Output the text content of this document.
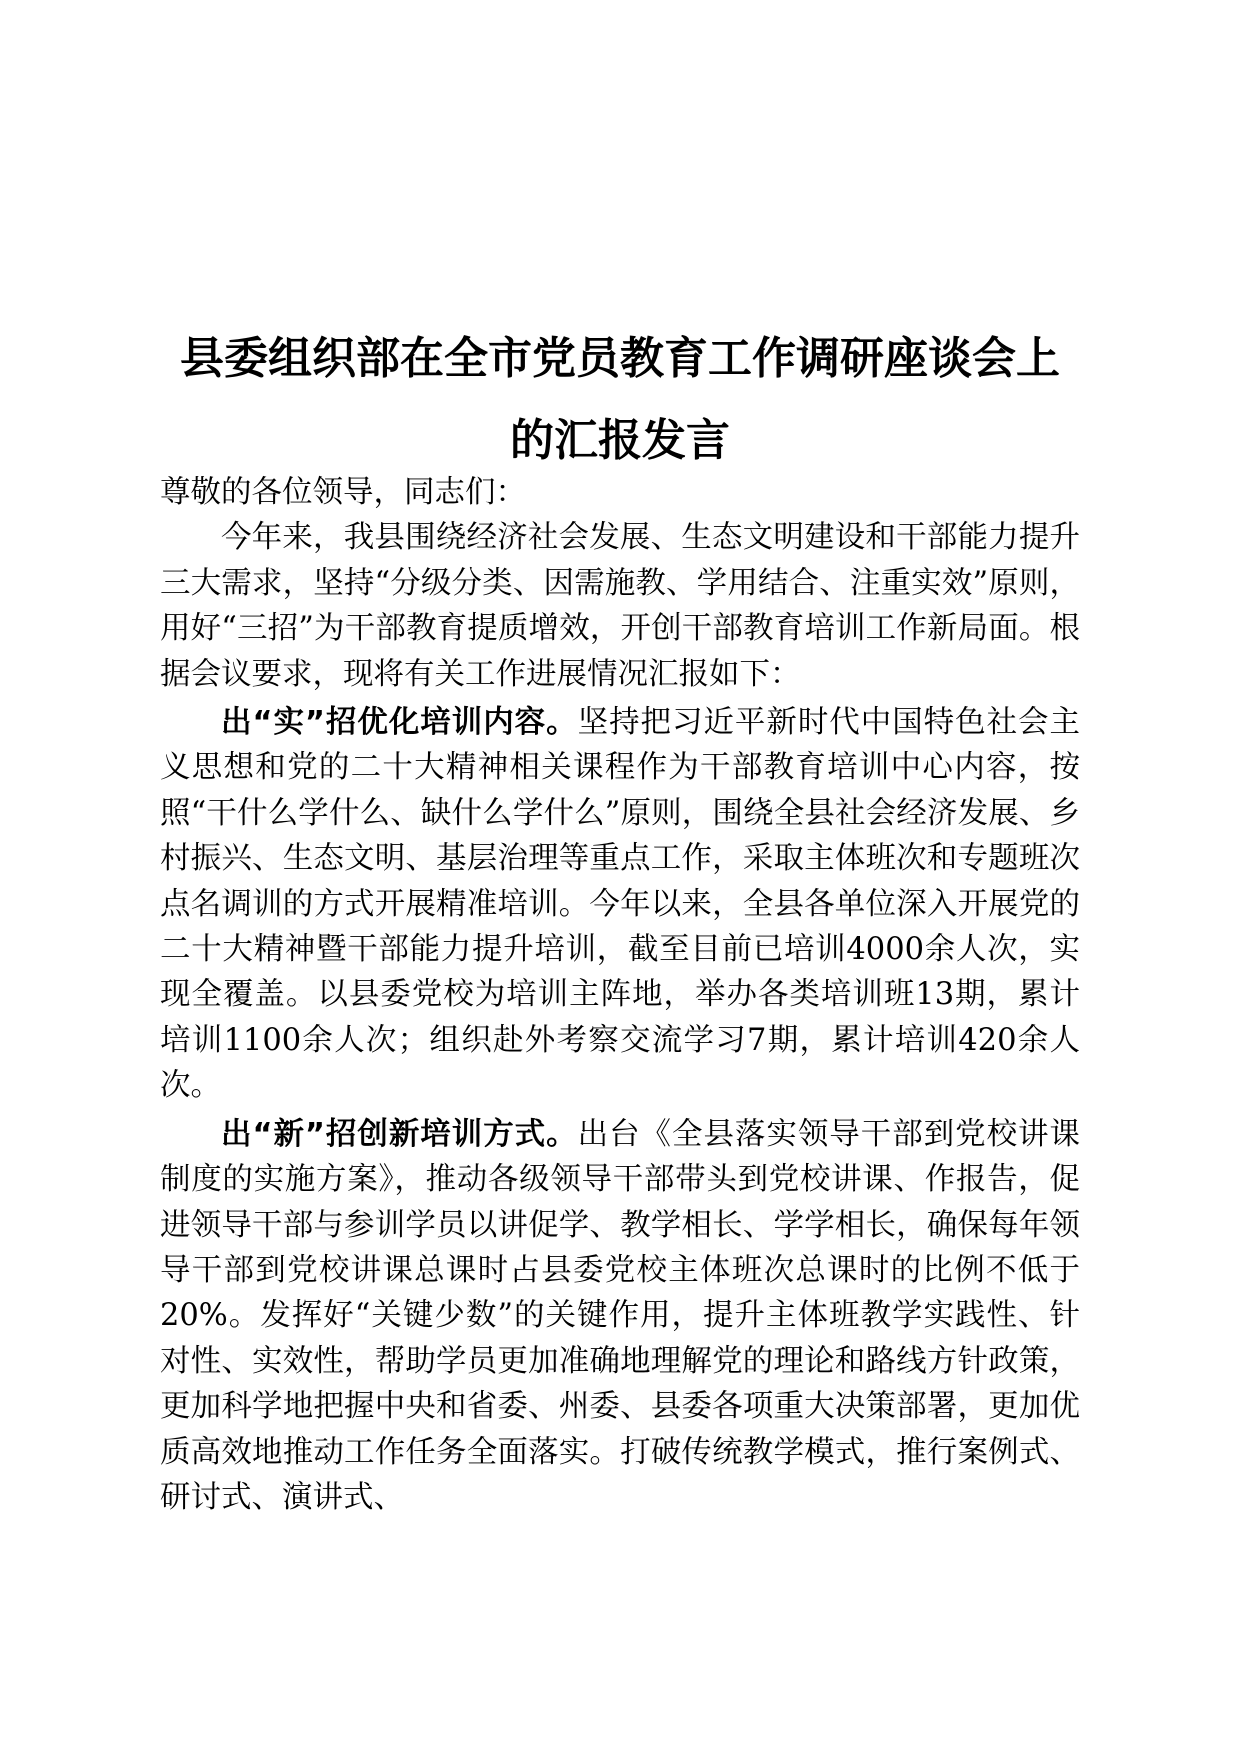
县委组织部在全市党员教育工作调研座谈会上
的汇报发言

尊敬的各位领导，同志们：

今年来，我县围绕经济社会发展、生态文明建设和干部能力提升三大需求，坚持“分级分类、因需施教、学用结合、注重实效”原则，用好“三招”为干部教育提质增效，开创干部教育培训工作新局面。根据会议要求，现将有关工作进展情况汇报如下：

出“实”招优化培训内容。坚持把习近平新时代中国特色社会主义思想和党的二十大精神相关课程作为干部教育培训中心内容，按照“干什么学什么、缺什么学什么”原则，围绕全县社会经济发展、乡村振兴、生态文明、基层治理等重点工作，采取主体班次和专题班次点名调训的方式开展精准培训。今年以来，全县各单位深入开展党的二十大精神暨干部能力提升培训，截至目前已培训4000余人次，实现全覆盖。以县委党校为培训主阵地，举办各类培训班13期，累计培训1100余人次；组织赴外考察交流学习7期，累计培训420余人次。

出“新”招创新培训方式。出台《全县落实领导干部到党校讲课制度的实施方案》，推动各级领导干部带头到党校讲课、作报告，促进领导干部与参训学员以讲促学、教学相长、学学相长，确保每年领导干部到党校讲课总课时占县委党校主体班次总课时的比例不低于20%。发挥好“关键少数”的关键作用，提升主体班教学实践性、针对性、实效性，帮助学员更加准确地理解党的理论和路线方针政策，更加科学地把握中央和省委、州委、县委各项重大决策部署，更加优质高效地推动工作任务全面落实。打破传统教学模式，推行案例式、研讨式、演讲式、
